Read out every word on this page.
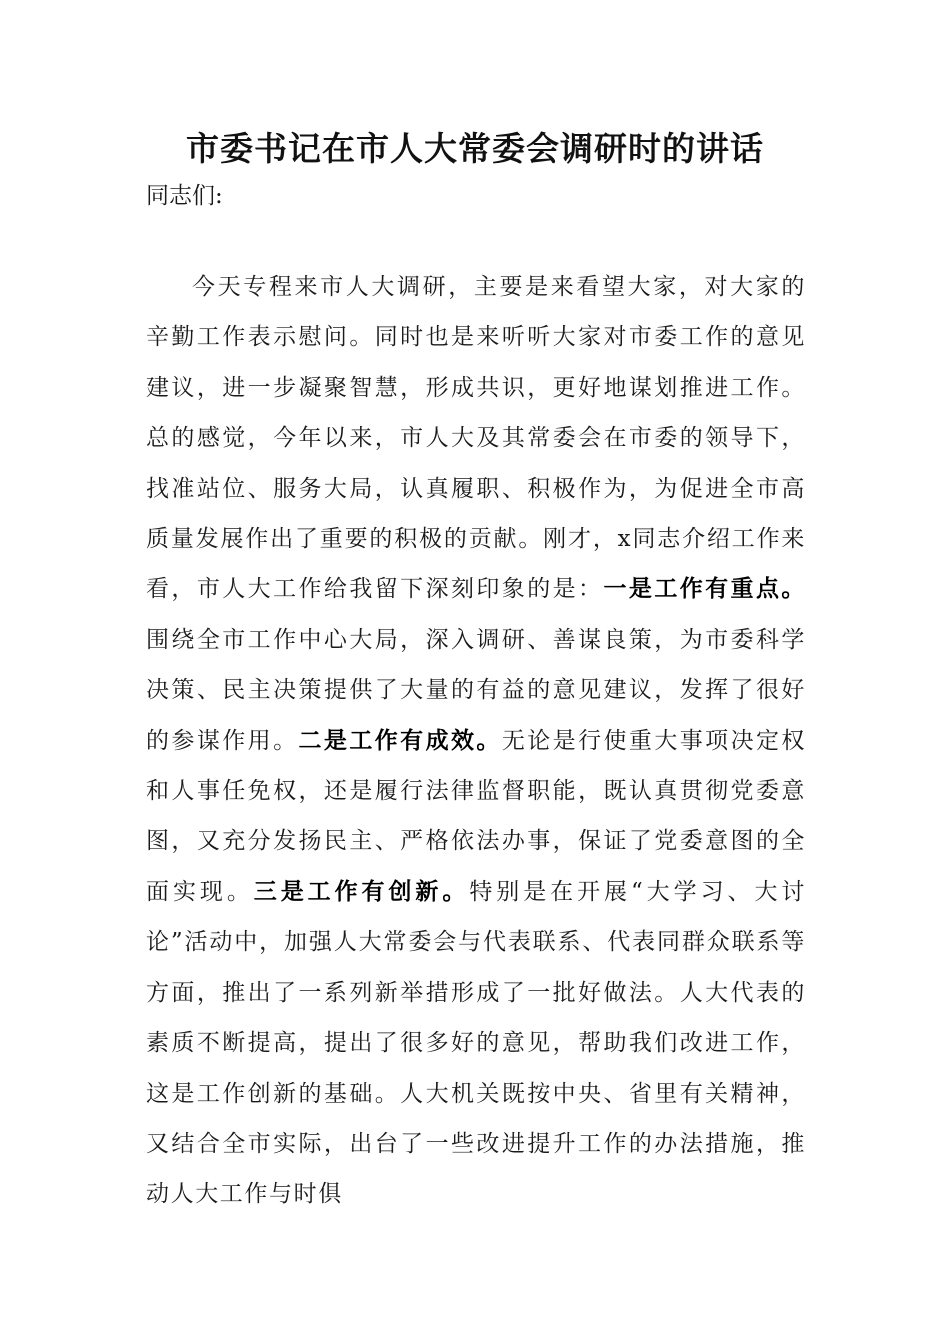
市委书记在市人大常委会调研时的讲话

同志们:

今天专程来市人大调研，主要是来看望大家，对大家的辛勤工作表示慰问。同时也是来听听大家对市委工作的意见建议，进一步凝聚智慧，形成共识，更好地谋划推进工作。总的感觉，今年以来，市人大及其常委会在市委的领导下，找准站位、服务大局，认真履职、积极作为，为促进全市高质量发展作出了重要的积极的贡献。刚才，x同志介绍工作来看，市人大工作给我留下深刻印象的是：一是工作有重点。围绕全市工作中心大局，深入调研、善谋良策，为市委科学决策、民主决策提供了大量的有益的意见建议，发挥了很好的参谋作用。二是工作有成效。无论是行使重大事项决定权和人事任免权，还是履行法律监督职能，既认真贯彻党委意图，又充分发扬民主、严格依法办事，保证了党委意图的全面实现。三是工作有创新。特别是在开展“大学习、大讨论”活动中，加强人大常委会与代表联系、代表同群众联系等方面，推出了一系列新举措形成了一批好做法。人大代表的素质不断提高，提出了很多好的意见，帮助我们改进工作，这是工作创新的基础。人大机关既按中央、省里有关精神，又结合全市实际，出台了一些改进提升工作的办法措施，推动人大工作与时俱
